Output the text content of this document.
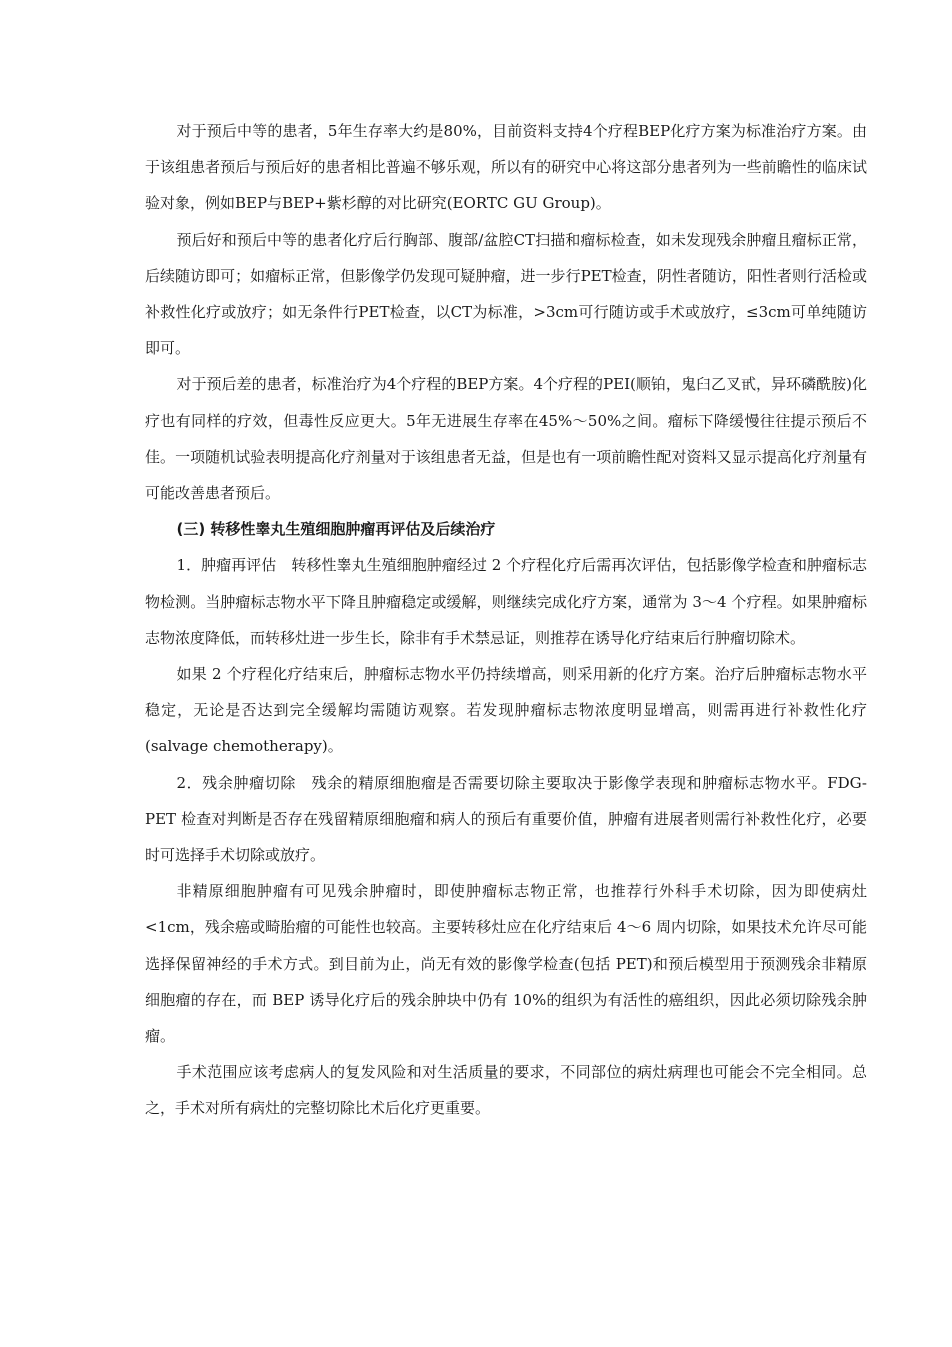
对于预后中等的患者，5年生存率大约是80%，目前资料支持4个疗程BEP化疗方案为标准治疗方案。由于该组患者预后与预后好的患者相比普遍不够乐观，所以有的研究中心将这部分患者列为一些前瞻性的临床试验对象，例如BEP与BEP+紫杉醇的对比研究(EORTC GU Group)。

预后好和预后中等的患者化疗后行胸部、腹部/盆腔CT扫描和瘤标检查，如未发现残余肿瘤且瘤标正常，后续随访即可；如瘤标正常，但影像学仍发现可疑肿瘤，进一步行PET检查，阴性者随访，阳性者则行活检或补救性化疗或放疗；如无条件行PET检查，以CT为标准，>3cm可行随访或手术或放疗，≤3cm可单纯随访即可。

对于预后差的患者，标准治疗为4个疗程的BEP方案。4个疗程的PEI(顺铂，鬼臼乙叉甙，异环磷酰胺)化疗也有同样的疗效，但毒性反应更大。5年无进展生存率在45%～50%之间。瘤标下降缓慢往往提示预后不佳。一项随机试验表明提高化疗剂量对于该组患者无益，但是也有一项前瞻性配对资料又显示提高化疗剂量有可能改善患者预后。

(三) 转移性睾丸生殖细胞肿瘤再评估及后续治疗

1．肿瘤再评估　转移性睾丸生殖细胞肿瘤经过 2 个疗程化疗后需再次评估，包括影像学检查和肿瘤标志物检测。当肿瘤标志物水平下降且肿瘤稳定或缓解，则继续完成化疗方案，通常为 3～4 个疗程。如果肿瘤标志物浓度降低，而转移灶进一步生长，除非有手术禁忌证，则推荐在诱导化疗结束后行肿瘤切除术。

如果 2 个疗程化疗结束后，肿瘤标志物水平仍持续增高，则采用新的化疗方案。治疗后肿瘤标志物水平稳定，无论是否达到完全缓解均需随访观察。若发现肿瘤标志物浓度明显增高，则需再进行补救性化疗(salvage chemotherapy)。

2．残余肿瘤切除　残余的精原细胞瘤是否需要切除主要取决于影像学表现和肿瘤标志物水平。FDG-PET 检查对判断是否存在残留精原细胞瘤和病人的预后有重要价值，肿瘤有进展者则需行补救性化疗，必要时可选择手术切除或放疗。

非精原细胞肿瘤有可见残余肿瘤时，即使肿瘤标志物正常，也推荐行外科手术切除，因为即使病灶<1cm，残余癌或畸胎瘤的可能性也较高。主要转移灶应在化疗结束后 4～6 周内切除，如果技术允许尽可能选择保留神经的手术方式。到目前为止，尚无有效的影像学检查(包括 PET)和预后模型用于预测残余非精原细胞瘤的存在，而 BEP 诱导化疗后的残余肿块中仍有 10%的组织为有活性的癌组织，因此必须切除残余肿瘤。

手术范围应该考虑病人的复发风险和对生活质量的要求，不同部位的病灶病理也可能会不完全相同。总之，手术对所有病灶的完整切除比术后化疗更重要。
